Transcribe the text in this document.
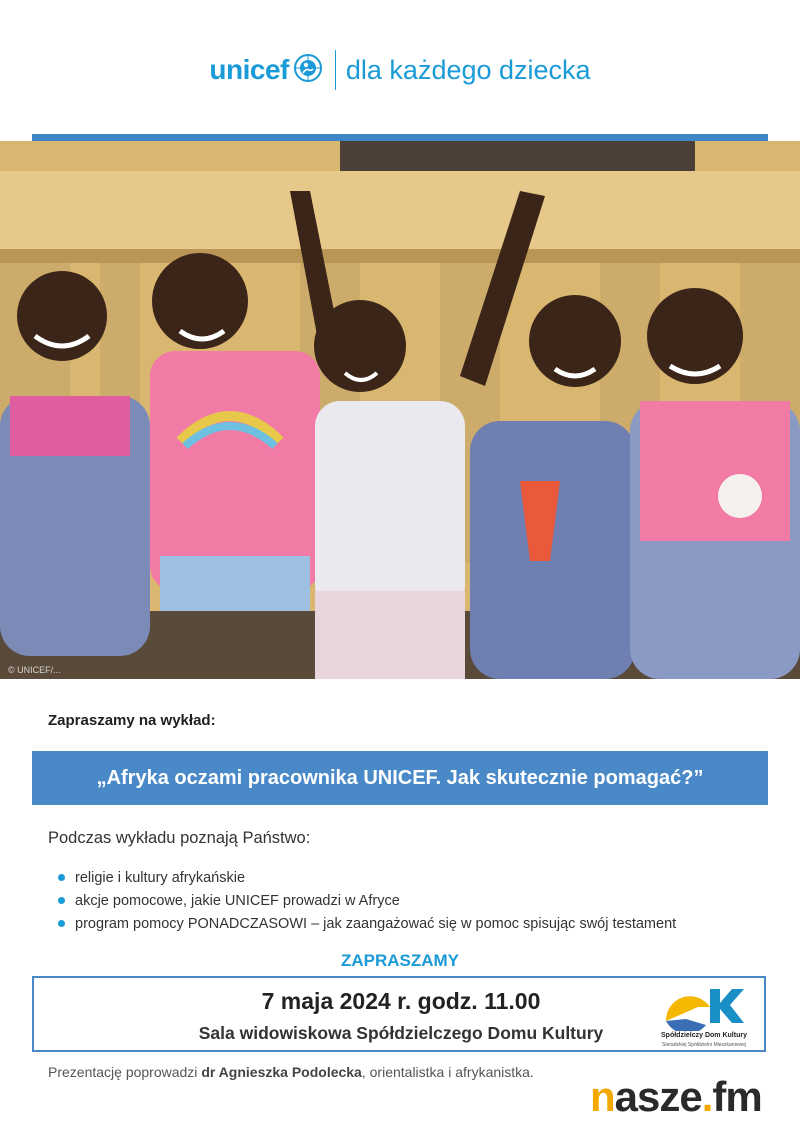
unicef dla każdego dziecka
© UNICEF/...
Zapraszamy na wykład:
„Afryka oczami pracownika UNICEF. Jak skutecznie pomagać?”
Podczas wykładu poznają Państwo:
religie i kultury afrykańskie
akcje pomocowe, jakie UNICEF prowadzi w Afryce
program pomocy PONADCZASOWI – jak zaangażować się w pomoc spisując swój testament
ZAPRASZAMY
7 maja 2024 r. godz. 11.00
Sala widowiskowa Spółdzielczego Domu Kultury	Spółdzielczy Dom Kultury
Sieradzkiej Spółdzielni Mieszkaniowej
Prezentację poprowadzi dr Agnieszka Podolecka, orientalistka i afrykanistka.
nasze.fm
